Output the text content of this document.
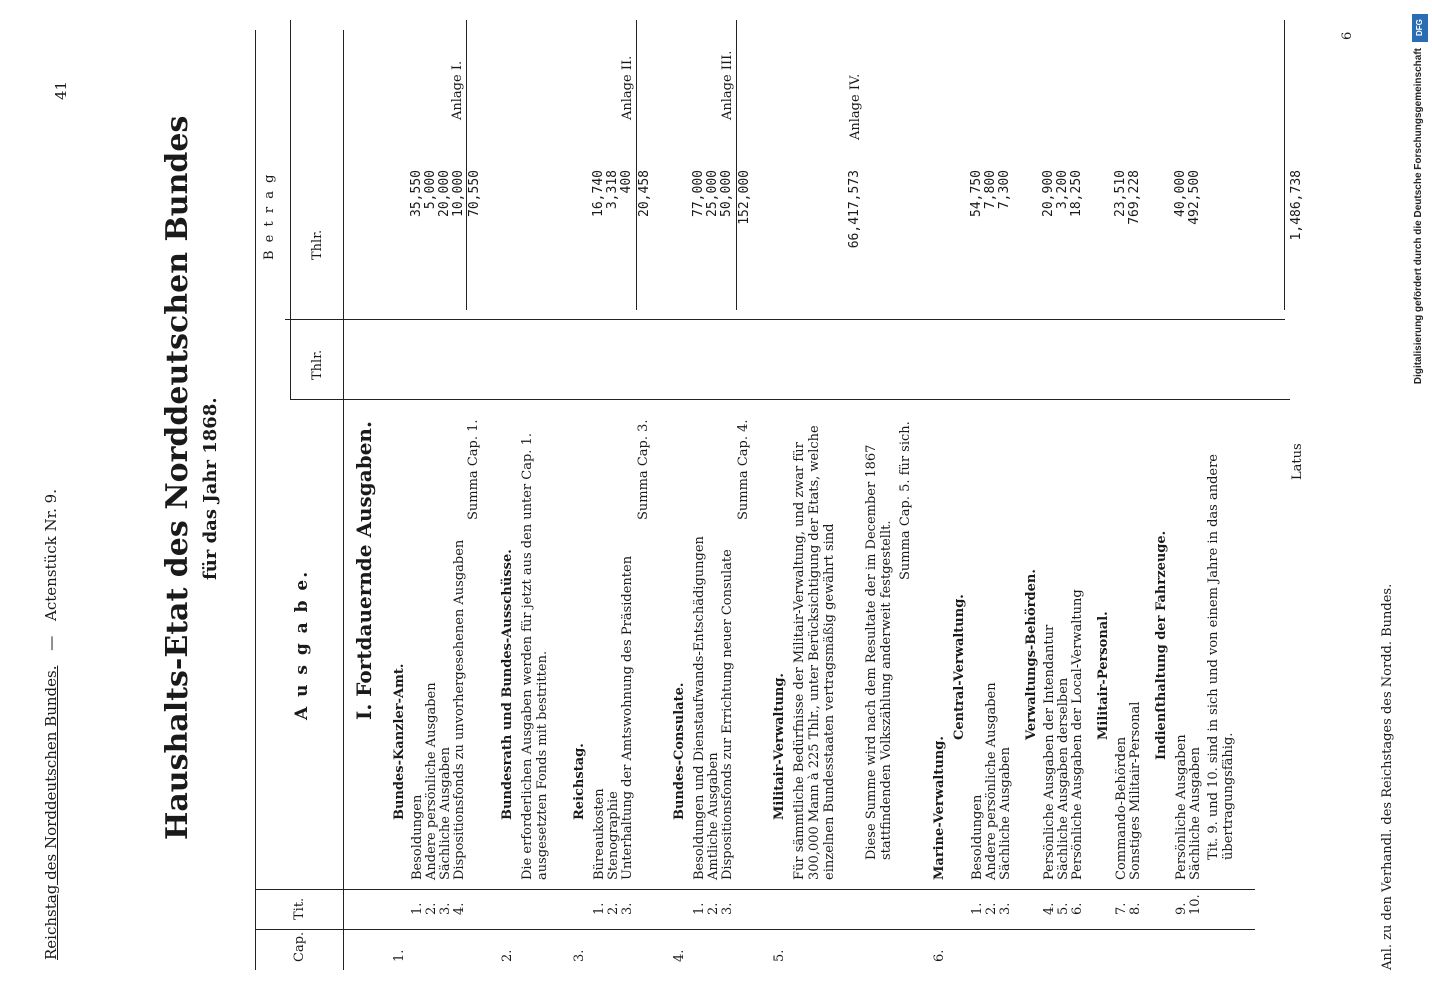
Reichstag des Norddeutschen Bundes. — Actenstück Nr. 9.
41
Haushalts-Etat des Norddeutschen Bundes für das Jahr 1868.
Cap.
Tit.
A u s g a b e.
Thlr.
B e t r a g	Thlr.
I. Fortdauernde Ausgaben.
1.
Bundes-Kanzler-Amt.
1.
Besoldungen
35,550
2.
Andere persönliche Ausgaben
5,000
3.
Sächliche Ausgaben
20,000
4.
Dispositionsfonds zu unvorhergesehenen Ausgaben
10,000
Summa Cap. 1.
70,550
Anlage I.
2.
Bundesrath und Bundes-Ausschüsse. Die erforderlichen Ausgaben werden für jetzt aus den unter Cap. 1. ausgesetzten Fonds mit bestritten.
3.
Reichstag.
1.
Büreaukosten
16,740
2.
Stenographie
3,318
3.
Unterhaltung der Amtswohnung des Präsidenten
400
Summa Cap. 3.
20,458
Anlage II.
4.
Bundes-Consulate.
1.
Besoldungen und Dienstaufwands-Entschädigungen
77,000
2.
Amtliche Ausgaben
25,000
3.
Dispositionsfonds zur Errichtung neuer Consulate
50,000
Summa Cap. 4.
152,000
Anlage III.
5.
Militair-Verwaltung. Für sämmtliche Bedürfnisse der Militair-Verwaltung, und zwar für 300,000 Mann à 225 Thlr., unter Berücksichtigung der Etats, welche einzelnen Bundesstaaten vertragsmäßig gewährt sind
66,417,573
Anlage IV.
Diese Summe wird nach dem Resultate der im December 1867 stattfindenden Volkszählung anderweit festgestellt.
Summa Cap. 5. für sich.
6.
Marine-Verwaltung.
Central-Verwaltung.
1.
Besoldungen
54,750
2.
Andere persönliche Ausgaben
7,800
3.
Sächliche Ausgaben
7,300
Verwaltungs-Behörden.
4.
Persönliche Ausgaben der Intendantur
20,900
5.
Sächliche Ausgaben derselben
3,200
6.
Persönliche Ausgaben der Local-Verwaltung
18,250
Militair-Personal.
7.
Commando-Behörden
23,510
8.
Sonstiges Militair-Personal
769,228
Indienſthaltung der Fahrzeuge.
9.
Persönliche Ausgaben
40,000
10.
Sächliche Ausgaben
492,500
Tit. 9. und 10. sind in sich und von einem Jahre in das andere übertragungsfähig.
Latus
1,486,738
6
Anl. zu den Verhandl. des Reichstages des Nordd. Bundes.
DFG
Digitalisierung gefördert durch die Deutsche Forschungsgemeinschaft
